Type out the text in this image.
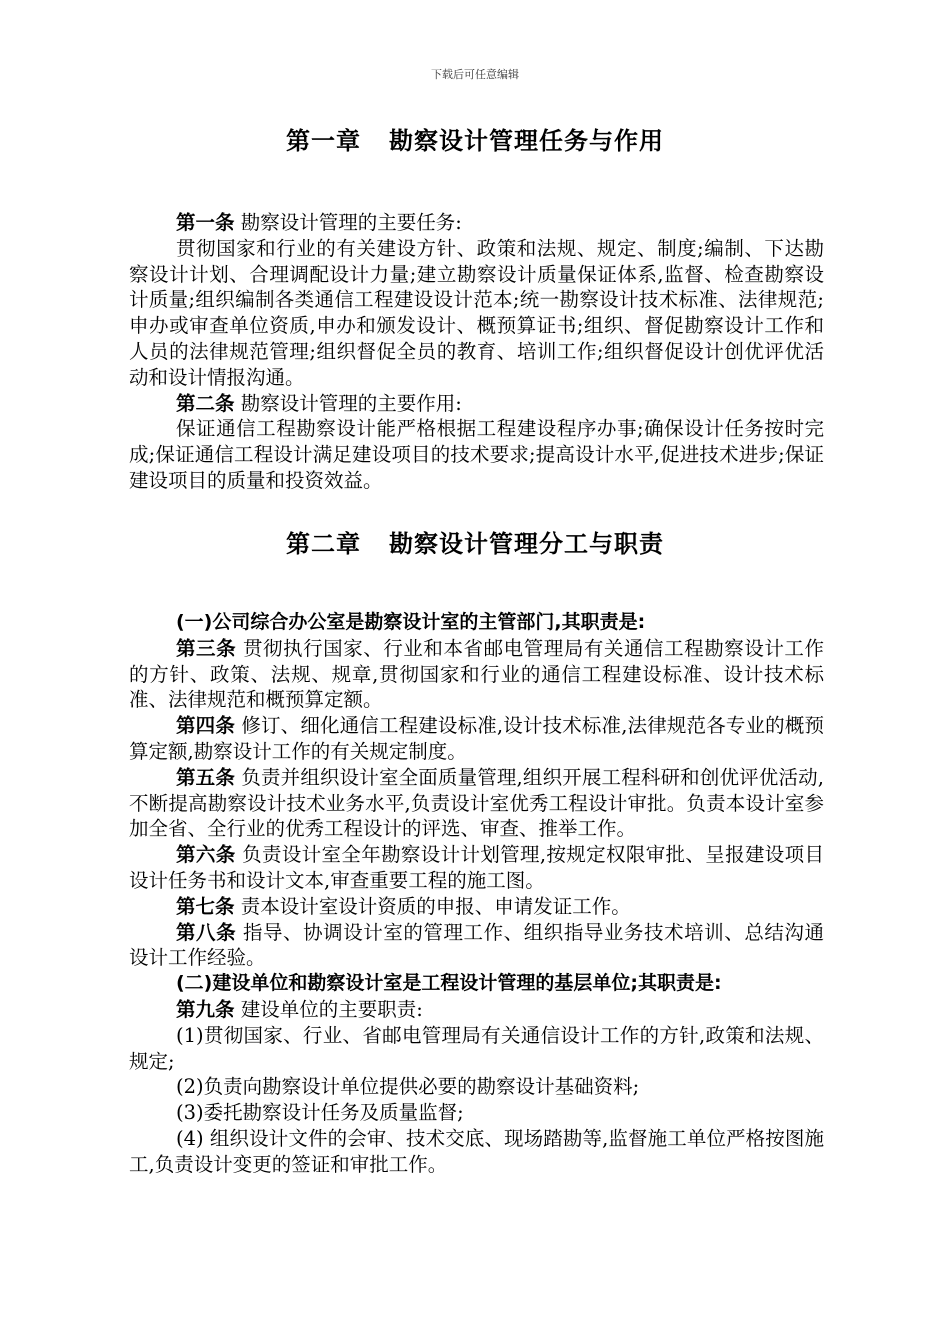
下载后可任意编辑
第一章 勘察设计管理任务与作用

第一条 勘察设计管理的主要任务:

贯彻国家和行业的有关建设方针、政策和法规、规定、制度;编制、下达勘察设计计划、合理调配设计力量;建立勘察设计质量保证体系,监督、检查勘察设计质量;组织编制各类通信工程建设设计范本;统一勘察设计技术标准、法律规范;申办或审查单位资质,申办和颁发设计、概预算证书;组织、督促勘察设计工作和人员的法律规范管理;组织督促全员的教育、培训工作;组织督促设计创优评优活动和设计情报沟通。

第二条 勘察设计管理的主要作用:

保证通信工程勘察设计能严格根据工程建设程序办事;确保设计任务按时完成;保证通信工程设计满足建设项目的技术要求;提高设计水平,促进技术进步;保证建设项目的质量和投资效益。

第二章 勘察设计管理分工与职责

(一)公司综合办公室是勘察设计室的主管部门,其职责是:

第三条 贯彻执行国家、行业和本省邮电管理局有关通信工程勘察设计工作的方针、政策、法规、规章,贯彻国家和行业的通信工程建设标准、设计技术标准、法律规范和概预算定额。

第四条 修订、细化通信工程建设标准,设计技术标准,法律规范各专业的概预算定额,勘察设计工作的有关规定制度。

第五条 负责并组织设计室全面质量管理,组织开展工程科研和创优评优活动,不断提高勘察设计技术业务水平,负责设计室优秀工程设计审批。负责本设计室参加全省、全行业的优秀工程设计的评选、审查、推举工作。

第六条 负责设计室全年勘察设计计划管理,按规定权限审批、呈报建设项目设计任务书和设计文本,审查重要工程的施工图。

第七条 责本设计室设计资质的申报、申请发证工作。

第八条 指导、协调设计室的管理工作、组织指导业务技术培训、总结沟通设计工作经验。

(二)建设单位和勘察设计室是工程设计管理的基层单位;其职责是:

第九条 建设单位的主要职责:

(1)贯彻国家、行业、省邮电管理局有关通信设计工作的方针,政策和法规、规定;

(2)负责向勘察设计单位提供必要的勘察设计基础资料;

(3)委托勘察设计任务及质量监督;

(4) 组织设计文件的会审、技术交底、现场踏勘等,监督施工单位严格按图施工,负责设计变更的签证和审批工作。
